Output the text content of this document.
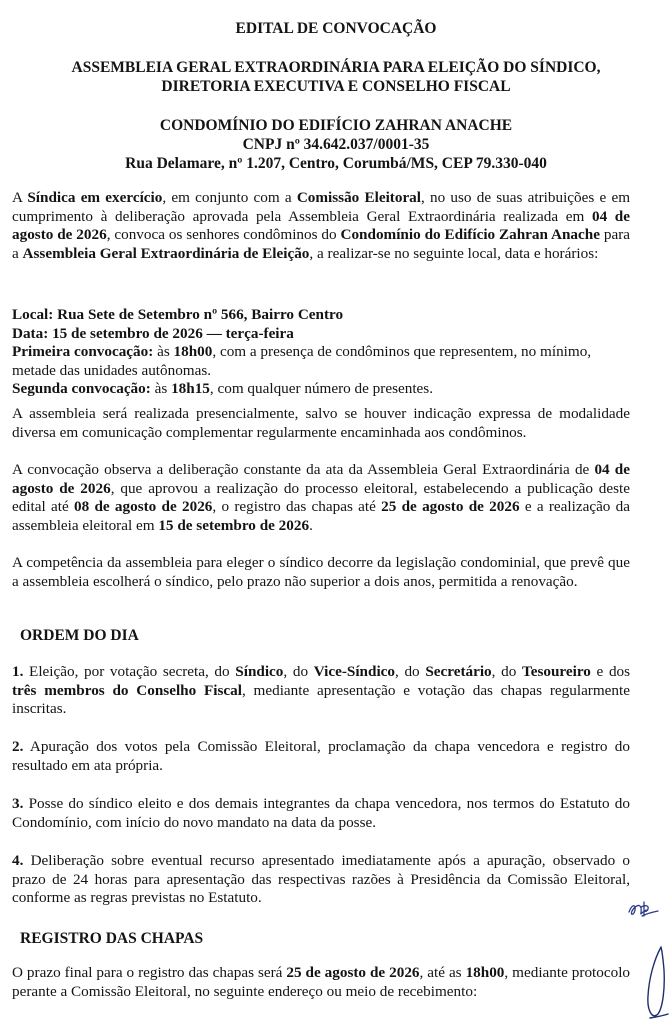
EDITAL DE CONVOCAÇÃO
ASSEMBLEIA GERAL EXTRAORDINÁRIA PARA ELEIÇÃO DO SÍNDICO,
DIRETORIA EXECUTIVA E CONSELHO FISCAL
CONDOMÍNIO DO EDIFÍCIO ZAHRAN ANACHE
CNPJ nº 34.642.037/0001-35
Rua Delamare, nº 1.207, Centro, Corumbá/MS, CEP 79.330-040
A Síndica em exercício, em conjunto com a Comissão Eleitoral, no uso de suas atribuições e em cumprimento à deliberação aprovada pela Assembleia Geral Extraordinária realizada em 04 de agosto de 2026, convoca os senhores condôminos do Condomínio do Edifício Zahran Anache para a Assembleia Geral Extraordinária de Eleição, a realizar-se no seguinte local, data e horários:
Local: Rua Sete de Setembro nº 566, Bairro Centro
Data: 15 de setembro de 2026 — terça-feira
Primeira convocação: às 18h00, com a presença de condôminos que representem, no mínimo, metade das unidades autônomas.
Segunda convocação: às 18h15, com qualquer número de presentes.
A assembleia será realizada presencialmente, salvo se houver indicação expressa de modalidade diversa em comunicação complementar regularmente encaminhada aos condôminos.
A convocação observa a deliberação constante da ata da Assembleia Geral Extraordinária de 04 de agosto de 2026, que aprovou a realização do processo eleitoral, estabelecendo a publicação deste edital até 08 de agosto de 2026, o registro das chapas até 25 de agosto de 2026 e a realização da assembleia eleitoral em 15 de setembro de 2026.
A competência da assembleia para eleger o síndico decorre da legislação condominial, que prevê que a assembleia escolherá o síndico, pelo prazo não superior a dois anos, permitida a renovação.
ORDEM DO DIA
1. Eleição, por votação secreta, do Síndico, do Vice-Síndico, do Secretário, do Tesoureiro e dos três membros do Conselho Fiscal, mediante apresentação e votação das chapas regularmente inscritas.
2. Apuração dos votos pela Comissão Eleitoral, proclamação da chapa vencedora e registro do resultado em ata própria.
3. Posse do síndico eleito e dos demais integrantes da chapa vencedora, nos termos do Estatuto do Condomínio, com início do novo mandato na data da posse.
4. Deliberação sobre eventual recurso apresentado imediatamente após a apuração, observado o prazo de 24 horas para apresentação das respectivas razões à Presidência da Comissão Eleitoral, conforme as regras previstas no Estatuto.
REGISTRO DAS CHAPAS
O prazo final para o registro das chapas será 25 de agosto de 2026, até as 18h00, mediante protocolo perante a Comissão Eleitoral, no seguinte endereço ou meio de recebimento:
